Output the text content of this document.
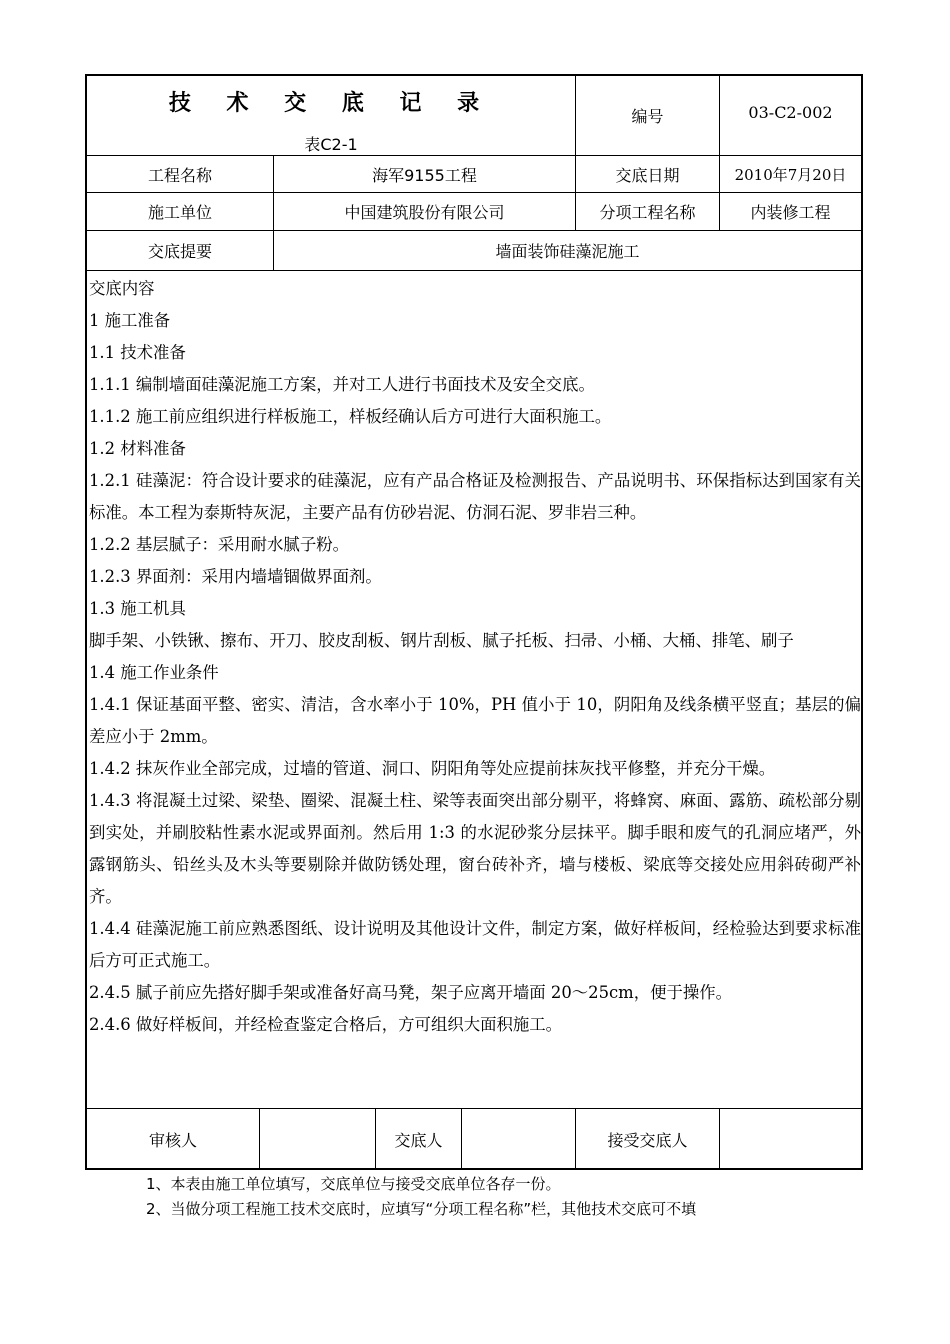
技 术 交 底 记 录
表C2-1
编号	03-C2-002
工程名称	海军9155工程	交底日期	2010年7月20日
施工单位	中国建筑股份有限公司	分项工程名称	内装修工程
交底提要	墙面装饰硅藻泥施工

交底内容

1 施工准备

1.1 技术准备

1.1.1 编制墙面硅藻泥施工方案，并对工人进行书面技术及安全交底。

1.1.2 施工前应组织进行样板施工，样板经确认后方可进行大面积施工。

1.2 材料准备

1.2.1 硅藻泥：符合设计要求的硅藻泥，应有产品合格证及检测报告、产品说明书、环保指标达到国家有关标准。本工程为泰斯特灰泥，主要产品有仿砂岩泥、仿洞石泥、罗非岩三种。

1.2.2 基层腻子：采用耐水腻子粉。

1.2.3 界面剂：采用内墙墙锢做界面剂。

1.3 施工机具

脚手架、小铁锹、擦布、开刀、胶皮刮板、钢片刮板、腻子托板、扫帚、小桶、大桶、排笔、刷子

1.4 施工作业条件

1.4.1 保证基面平整、密实、清洁，含水率小于 10%，PH 值小于 10，阴阳角及线条横平竖直；基层的偏差应小于 2mm。

1.4.2 抹灰作业全部完成，过墙的管道、洞口、阴阳角等处应提前抹灰找平修整，并充分干燥。

1.4.3 将混凝土过梁、梁垫、圈梁、混凝土柱、梁等表面突出部分剔平，将蜂窝、麻面、露筋、疏松部分剔到实处，并刷胶粘性素水泥或界面剂。然后用 1:3 的水泥砂浆分层抹平。脚手眼和废气的孔洞应堵严，外露钢筋头、铅丝头及木头等要剔除并做防锈处理，窗台砖补齐，墙与楼板、梁底等交接处应用斜砖砌严补齐。

1.4.4 硅藻泥施工前应熟悉图纸、设计说明及其他设计文件，制定方案，做好样板间，经检验达到要求标准后方可正式施工。

2.4.5 腻子前应先搭好脚手架或准备好高马凳，架子应离开墙面 20～25cm，便于操作。

2.4.6 做好样板间，并经检查鉴定合格后，方可组织大面积施工。

审核人	交底人	接受交底人
1、本表由施工单位填写，交底单位与接受交底单位各存一份。
2、当做分项工程施工技术交底时，应填写“分项工程名称”栏，其他技术交底可不填
